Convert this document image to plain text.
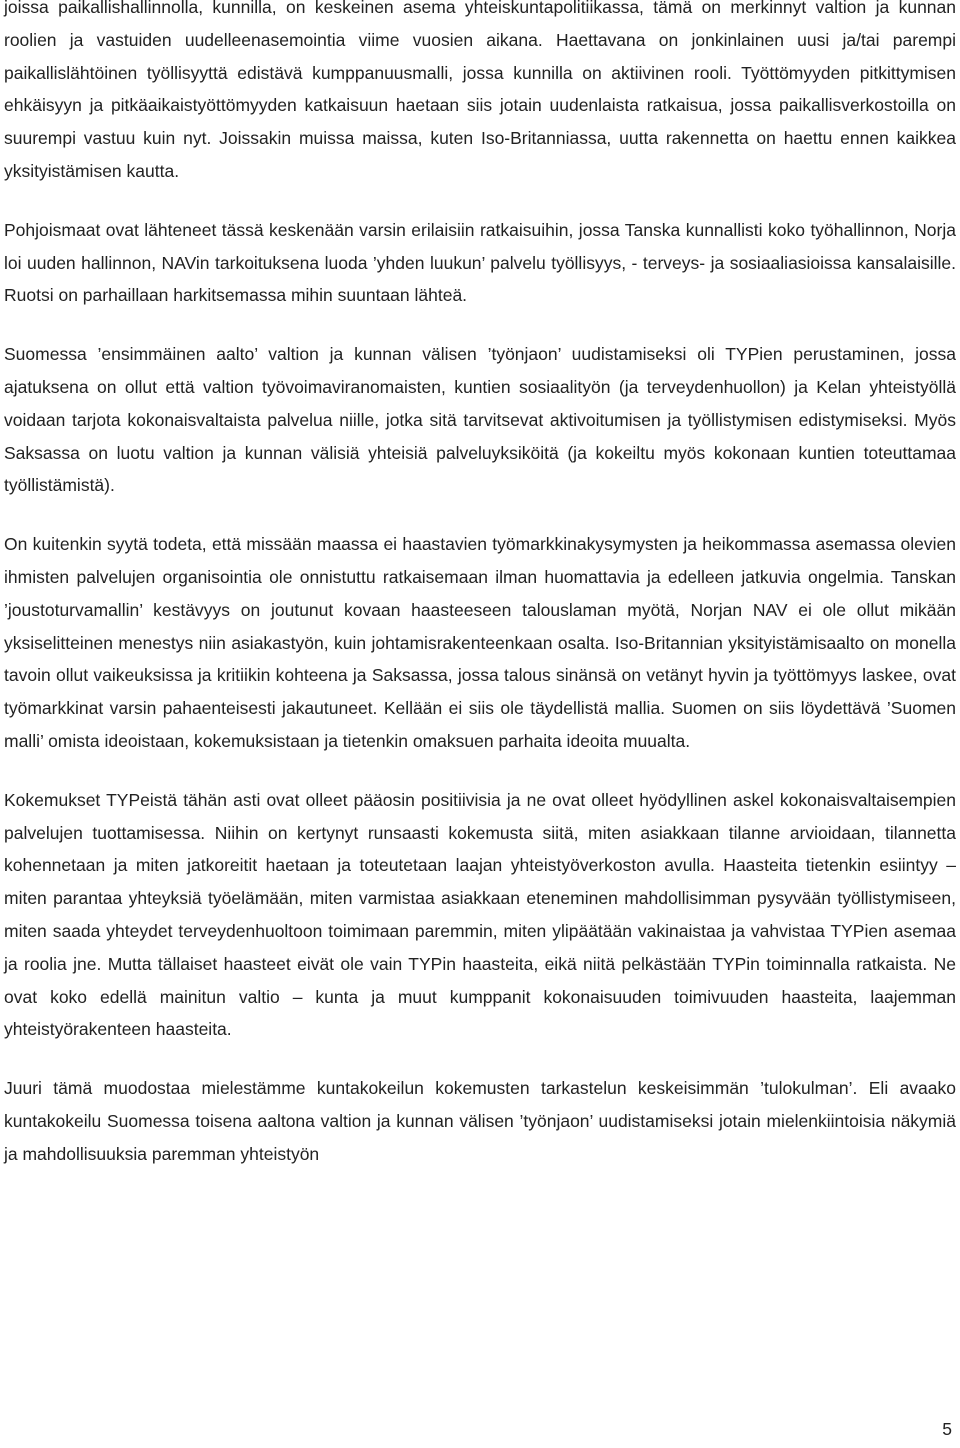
joissa paikallishallinnolla, kunnilla, on keskeinen asema yhteiskuntapolitiikassa, tämä on merkinnyt valtion ja kunnan roolien ja vastuiden uudelleenasemointia viime vuosien aikana. Haettavana on jonkinlainen uusi ja/tai parempi paikallislähtöinen työllisyyttä edistävä kumppanuusmalli, jossa kunnilla on aktiivinen rooli. Työttömyyden pitkittymisen ehkäisyyn ja pitkäaikaistyöttömyyden katkaisuun haetaan siis jotain uudenlaista ratkaisua, jossa paikallisverkostoilla on suurempi vastuu kuin nyt. Joissakin muissa maissa, kuten Iso-Britanniassa, uutta rakennetta on haettu ennen kaikkea yksityistämisen kautta.

Pohjoismaat ovat lähteneet tässä keskenään varsin erilaisiin ratkaisuihin, jossa Tanska kunnallisti koko työhallinnon, Norja loi uuden hallinnon, NAVin tarkoituksena luoda ’yhden luukun’ palvelu työllisyys, - terveys- ja sosiaaliasioissa kansalaisille. Ruotsi on parhaillaan harkitsemassa mihin suuntaan lähteä.

Suomessa ’ensimmäinen aalto’ valtion ja kunnan välisen ’työnjaon’ uudistamiseksi oli TYPien perustaminen, jossa ajatuksena on ollut että valtion työvoimaviranomaisten, kuntien sosiaalityön (ja terveydenhuollon) ja Kelan yhteistyöllä voidaan tarjota kokonaisvaltaista palvelua niille, jotka sitä tarvitsevat aktivoitumisen ja työllistymisen edistymiseksi. Myös Saksassa on luotu valtion ja kunnan välisiä yhteisiä palveluyksiköitä (ja kokeiltu myös kokonaan kuntien toteuttamaa työllistämistä).

On kuitenkin syytä todeta, että missään maassa ei haastavien työmarkkinakysymysten ja heikommassa asemassa olevien ihmisten palvelujen organisointia ole onnistuttu ratkaisemaan ilman huomattavia ja edelleen jatkuvia ongelmia. Tanskan ’joustoturvamallin’ kestävyys on joutunut kovaan haasteeseen talouslaman myötä, Norjan NAV ei ole ollut mikään yksiselitteinen menestys niin asiakastyön, kuin johtamisrakenteenkaan osalta. Iso-Britannian yksityistämisaalto on monella tavoin ollut vaikeuksissa ja kritiikin kohteena ja Saksassa, jossa talous sinänsä on vetänyt hyvin ja työttömyys laskee, ovat työmarkkinat varsin pahaenteisesti jakautuneet. Kellään ei siis ole täydellistä mallia. Suomen on siis löydettävä ’Suomen malli’ omista ideoistaan, kokemuksistaan ja tietenkin omaksuen parhaita ideoita muualta.

Kokemukset TYPeistä tähän asti ovat olleet pääosin positiivisia ja ne ovat olleet hyödyllinen askel kokonaisvaltaisempien palvelujen tuottamisessa. Niihin on kertynyt runsaasti kokemusta siitä, miten asiakkaan tilanne arvioidaan, tilannetta kohennetaan ja miten jatkoreitit haetaan ja toteutetaan laajan yhteistyöverkoston avulla. Haasteita tietenkin esiintyy – miten parantaa yhteyksiä työelämään, miten varmistaa asiakkaan eteneminen mahdollisimman pysyvään työllistymiseen, miten saada yhteydet terveydenhuoltoon toimimaan paremmin, miten ylipäätään vakinaistaa ja vahvistaa TYPien asemaa ja roolia jne. Mutta tällaiset haasteet eivät ole vain TYPin haasteita, eikä niitä pelkästään TYPin toiminnalla ratkaista. Ne ovat koko edellä mainitun valtio – kunta ja muut kumppanit kokonaisuuden toimivuuden haasteita, laajemman yhteistyörakenteen haasteita.

Juuri tämä muodostaa mielestämme kuntakokeilun kokemusten tarkastelun keskeisimmän ’tulokulman’. Eli avaako kuntakokeilu Suomessa toisena aaltona valtion ja kunnan välisen ’työnjaon’ uudistamiseksi jotain mielenkiintoisia näkymiä ja mahdollisuuksia paremman yhteistyön

5
